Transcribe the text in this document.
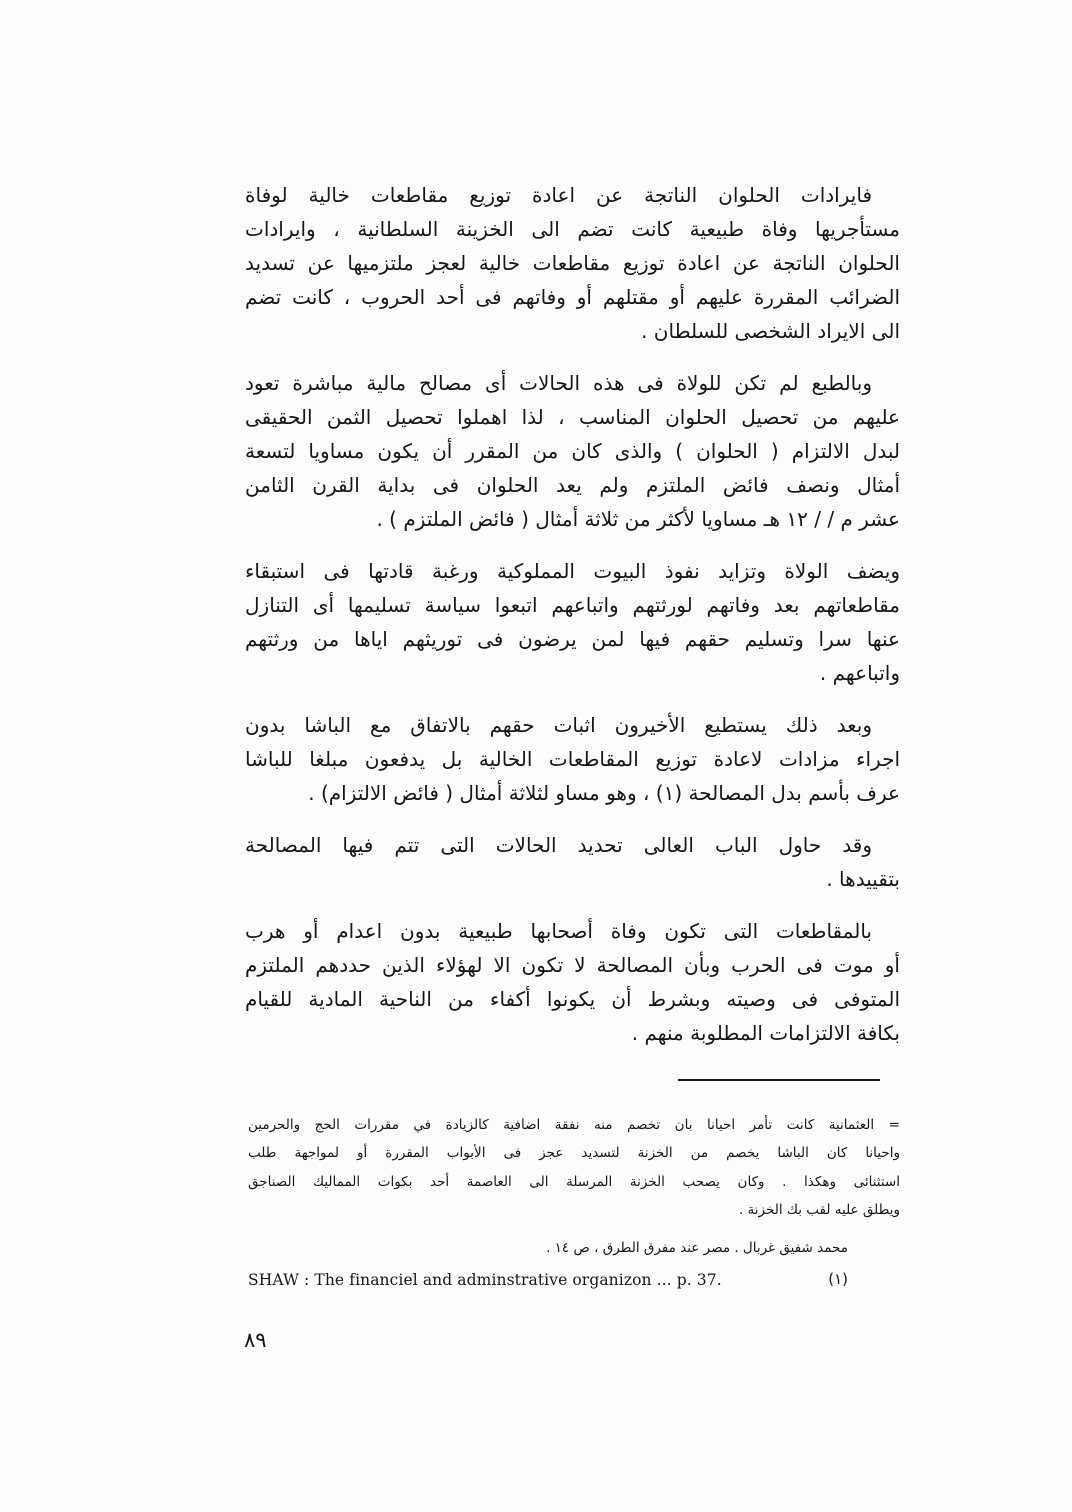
فايرادات الحلوان الناتجة عن اعادة توزيع مقاطعات خالية لوفاة
مستأجريها وفاة طبيعية كانت تضم الى الخزينة السلطانية ، وايرادات
الحلوان الناتجة عن اعادة توزيع مقاطعات خالية لعجز ملتزميها عن تسديد
الضرائب المقررة عليهم أو مقتلهم أو وفاتهم فى أحد الحروب ، كانت تضم
الى الايراد الشخصى للسلطان .
وبالطبع لم تكن للولاة فى هذه الحالات أى مصالح مالية مباشرة تعود
عليهم من تحصيل الحلوان المناسب ، لذا اهملوا تحصيل الثمن الحقيقى
لبدل الالتزام ( الحلوان ) والذى كان من المقرر أن يكون مساويا لتسعة
أمثال ونصف فائض الملتزم ولم يعد الحلوان فى بداية القرن الثامن
عشر م / / ١٢ هـ مساويا لأكثر من ثلاثة أمثال ( فائض الملتزم ) .
ويضف الولاة وتزايد نفوذ البيوت المملوكية ورغبة قادتها فى استبقاء
مقاطعاتهم بعد وفاتهم لورثتهم واتباعهم اتبعوا سياسة تسليمها أى التنازل
عنها سرا وتسليم حقهم فيها لمن يرضون فى توريثهم اياها من ورثتهم
واتباعهم .
وبعد ذلك يستطيع الأخيرون اثبات حقهم بالاتفاق مع الباشا بدون
اجراء مزادات لاعادة توزيع المقاطعات الخالية بل يدفعون مبلغا للباشا
عرف بأسم بدل المصالحة (١) ، وهو مساو لثلاثة أمثال ( فائض الالتزام) .
وقد حاول الباب العالى تحديد الحالات التى تتم فيها المصالحة
بتقييدها .
بالمقاطعات التى تكون وفاة أصحابها طبيعية بدون اعدام أو هرب
أو موت فى الحرب وبأن المصالحة لا تكون الا لهؤلاء الذين حددهم الملتزم
المتوفى فى وصيته وبشرط أن يكونوا أكفاء من الناحية المادية للقيام
بكافة الالتزامات المطلوبة منهم .
= العثمانية كانت تأمر احيانا بان تخصم منه نفقة اضافية كالزيادة في مقررات الحج والحرمين
واحيانا كان الباشا يخصم من الخزنة لتسديد عجز فى الأبواب المقررة أو لمواجهة طلب
استثنائى وهكذا . وكان يصحب الخزنة المرسلة الى العاصمة أحد بكوات المماليك الصناجق
ويطلق عليه لقب بك الخزنة .
محمد شفيق غربال . مصر عند مفرق الطرق ، ص ١٤ .
SHAW : The financiel and adminstrative organizon ... p. 37.	(١)
٨٩
